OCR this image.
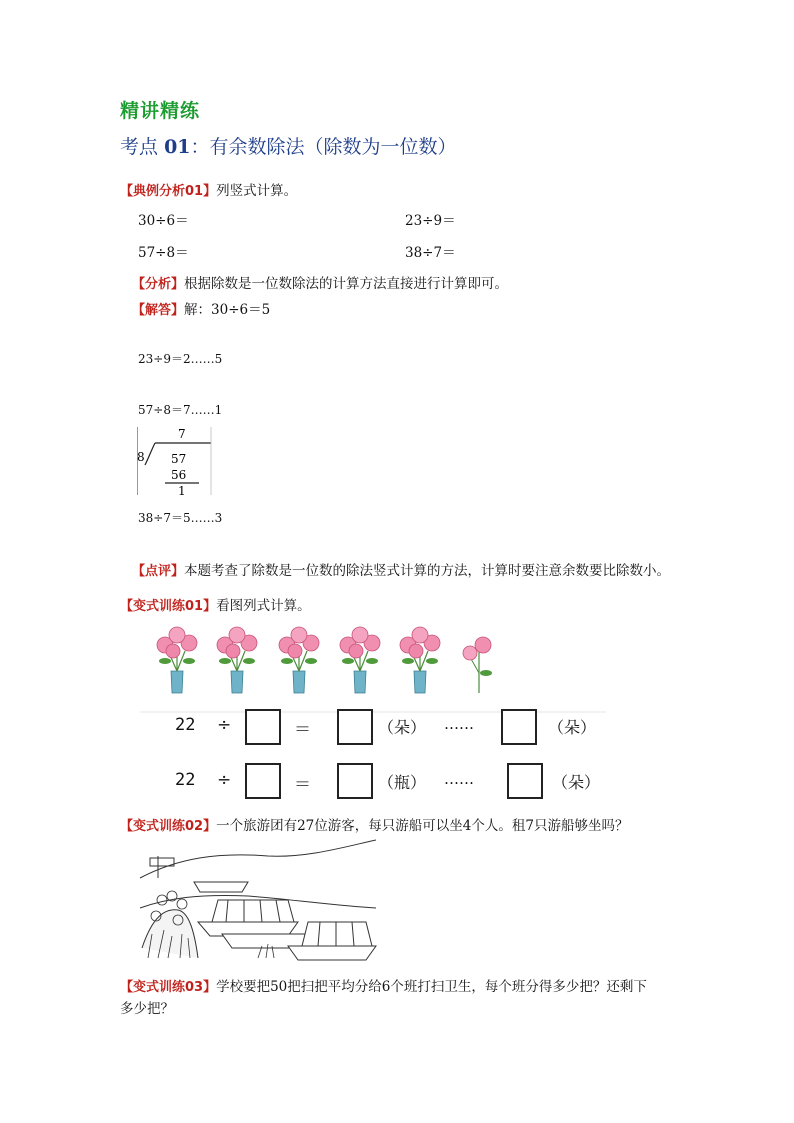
精讲精练
考点 01：有余数除法（除数为一位数）
【典例分析01】列竖式计算。
30÷6＝	23÷9＝
57÷8＝	38÷7＝
【分析】根据除数是一位数除法的计算方法直接进行计算即可。
【解答】解：30÷6＝5
23÷9＝2……5
57÷8＝7……1
7
8 57
56
1
38÷7＝5……3
【点评】本题考查了除数是一位数的除法竖式计算的方法，计算时要注意余数要比除数小。
【变式训练01】看图列式计算。
22 ÷	＝	（朵） ……	（朵）
22 ÷	＝	（瓶） ……	（朵）
【变式训练02】一个旅游团有27位游客，每只游船可以坐4个人。租7只游船够坐吗？
【变式训练03】学校要把50把扫把平均分给6个班打扫卫生，每个班分得多少把？还剩下
多少把？
